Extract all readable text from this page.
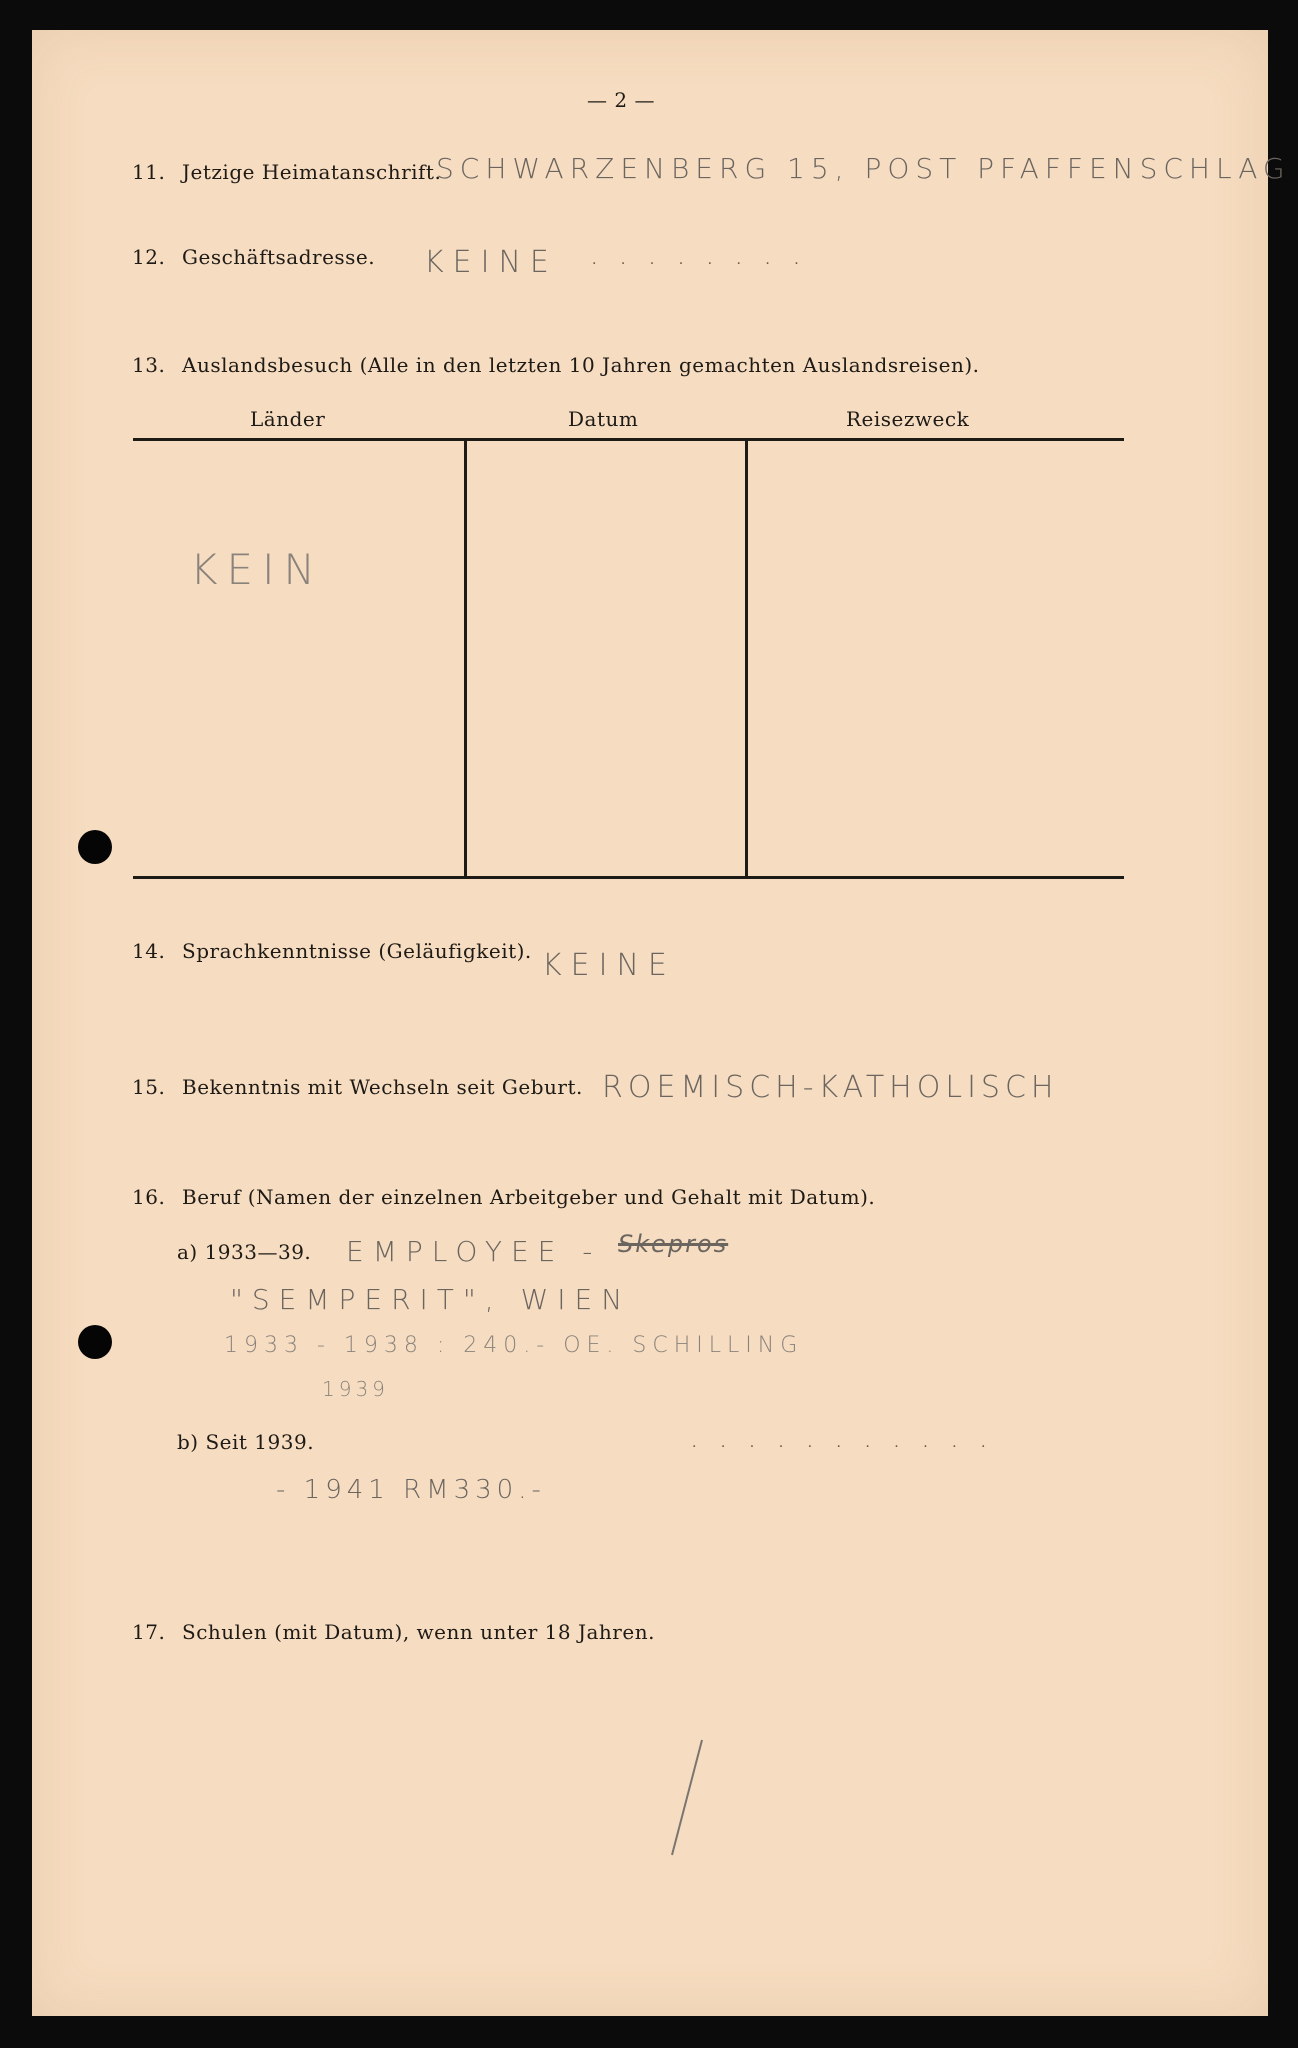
— 2 —
11. Jetzige Heimatanschrift.
SCHWARZENBERG 15, POST PFAFFENSCHLAG
12. Geschäftsadresse. KEINE . . . . . . . .
13. Auslandsbesuch (Alle in den letzten 10 Jahren gemachten Auslandsreisen).
Länder	Datum	Reisezweck
KEIN
14. Sprachkenntnisse (Geläufigkeit). KEINE
15. Bekenntnis mit Wechseln seit Geburt. ROEMISCH-KATHOLISCH
16. Beruf (Namen der einzelnen Arbeitgeber und Gehalt mit Datum).
a) 1933—39. EMPLOYEE - Skepros
"SEMPERIT", WIEN
1933 - 1938 : 240.- OE. SCHILLING
1939
b) Seit 1939.	. . . . . . . . . . .
- 1941 RM330.-
17. Schulen (mit Datum), wenn unter 18 Jahren.
